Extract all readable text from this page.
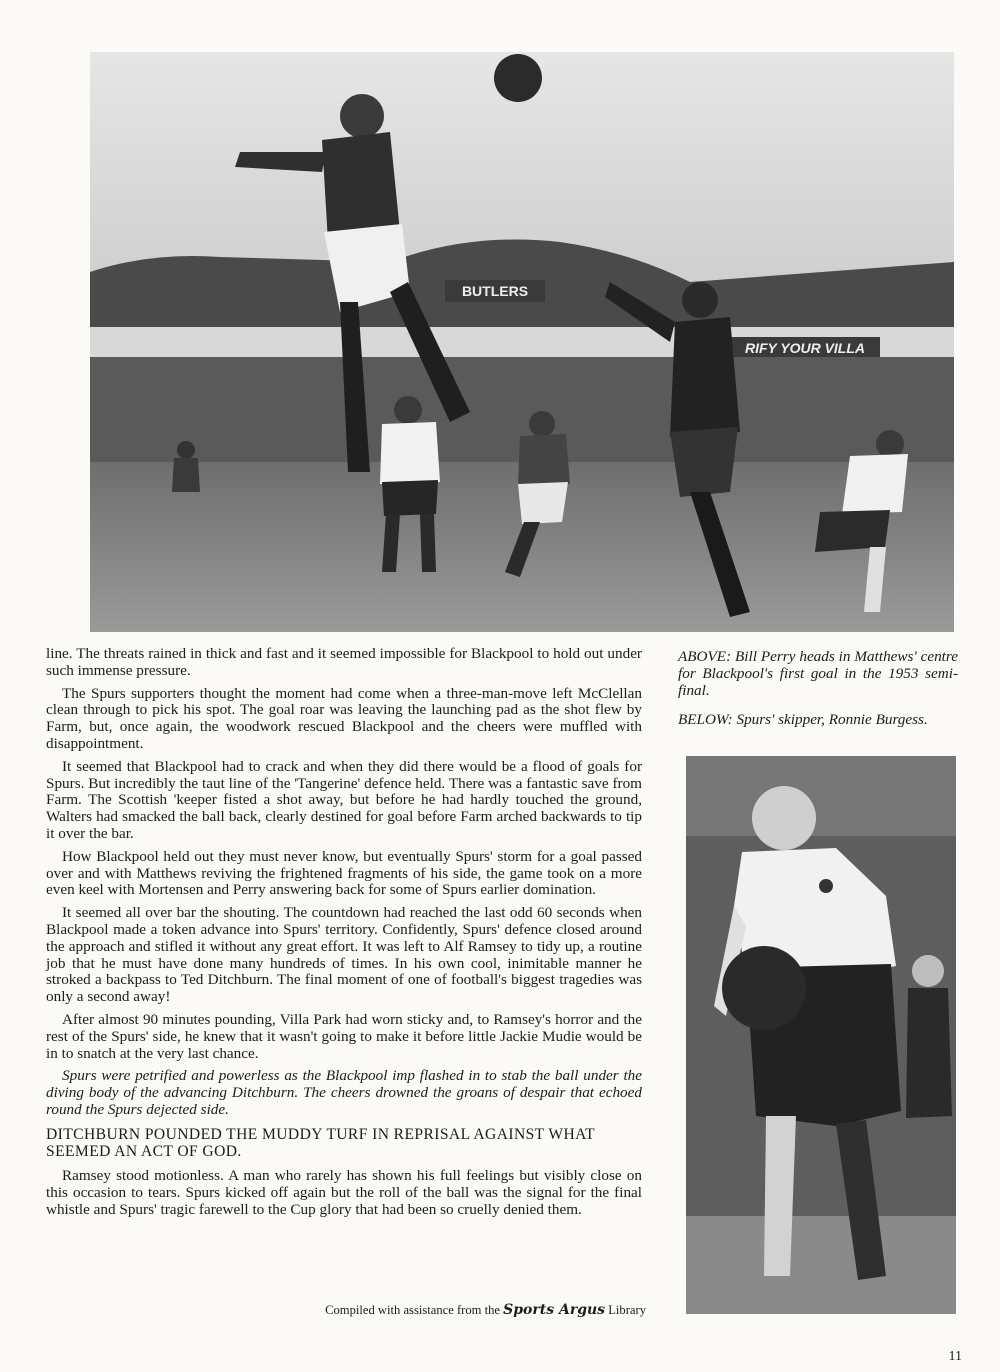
BUTLERS
RIFY YOUR VILLA

line. The threats rained in thick and fast and it seemed impossible for Blackpool to hold out under such immense pressure.

The Spurs supporters thought the moment had come when a three-man-move left McClellan clean through to pick his spot. The goal roar was leaving the launching pad as the shot flew by Farm, but, once again, the woodwork rescued Blackpool and the cheers were muffled with disappointment.

It seemed that Blackpool had to crack and when they did there would be a flood of goals for Spurs. But incredibly the taut line of the 'Tangerine' defence held. There was a fantastic save from Farm. The Scottish 'keeper fisted a shot away, but before he had hardly touched the ground, Walters had smacked the ball back, clearly destined for goal before Farm arched backwards to tip it over the bar.

How Blackpool held out they must never know, but eventually Spurs' storm for a goal passed over and with Matthews reviving the frightened fragments of his side, the game took on a more even keel with Mortensen and Perry answering back for some of Spurs earlier domination.

It seemed all over bar the shouting. The countdown had reached the last odd 60 seconds when Blackpool made a token advance into Spurs' territory. Confidently, Spurs' defence closed around the approach and stifled it without any great effort. It was left to Alf Ramsey to tidy up, a routine job that he must have done many hundreds of times. In his own cool, inimitable manner he stroked a backpass to Ted Ditchburn. The final moment of one of football's biggest tragedies was only a second away!

After almost 90 minutes pounding, Villa Park had worn sticky and, to Ramsey's horror and the rest of the Spurs' side, he knew that it wasn't going to make it before little Jackie Mudie would be in to snatch at the very last chance.

Spurs were petrified and powerless as the Blackpool imp flashed in to stab the ball under the diving body of the advancing Ditchburn. The cheers drowned the groans of despair that echoed round the Spurs dejected side.

DITCHBURN POUNDED THE MUDDY TURF IN REPRISAL AGAINST WHAT SEEMED AN ACT OF GOD.

Ramsey stood motionless. A man who rarely has shown his full feelings but visibly close on this occasion to tears. Spurs kicked off again but the roll of the ball was the signal for the final whistle and Spurs' tragic farewell to the Cup glory that had been so cruelly denied them.

ABOVE: Bill Perry heads in Matthews' centre for Blackpool's first goal in the 1953 semi-final.
BELOW: Spurs' skipper, Ronnie Burgess.
Compiled with assistance from the Sports Argus Library
11
